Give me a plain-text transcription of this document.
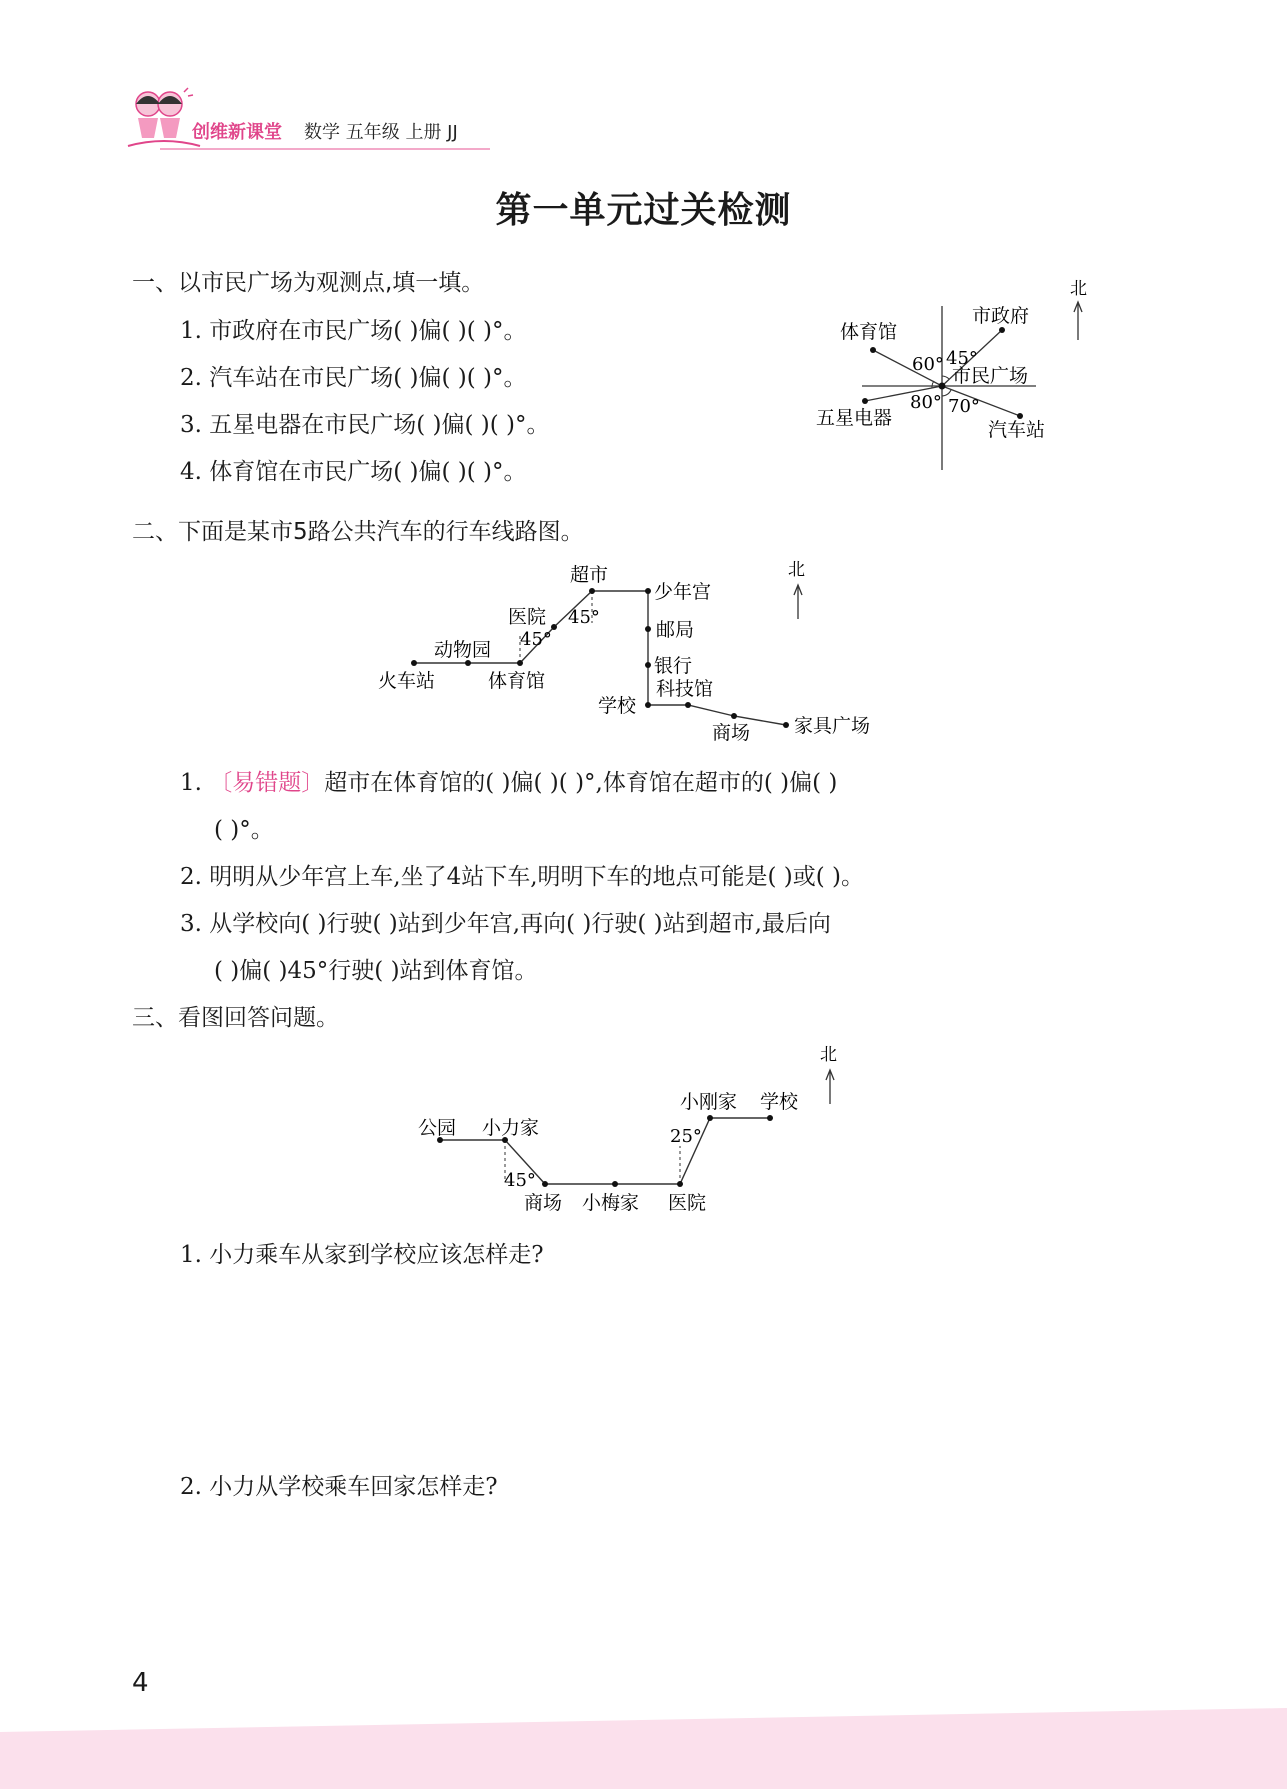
创维新课堂 数学 五年级 上册 JJ
第一单元过关检测
一、以市民广场为观测点,填一填。
1. 市政府在市民广场( )偏( )( )°。
2. 汽车站在市民广场( )偏( )( )°。
3. 五星电器在市民广场( )偏( )( )°。
4. 体育馆在市民广场( )偏( )( )°。
北
市政府
体育馆
五星电器
汽车站
市民广场
60° 45°
80° 70°
二、下面是某市5路公共汽车的行车线路图。
北
火车站
动物园
体育馆
医院
超市
少年宫
邮局
银行
科技馆
学校
商场 家具广场
45°
45°
1. 〔易错题〕超市在体育馆的( )偏( )( )°,体育馆在超市的( )偏( )
( )°。
2. 明明从少年宫上车,坐了4站下车,明明下车的地点可能是( )或( )。
3. 从学校向( )行驶( )站到少年宫,再向( )行驶( )站到超市,最后向
( )偏( )45°行驶( )站到体育馆。
三、看图回答问题。
北
公园 小力家
商场 小梅家 医院
小刚家 学校
45°
25°
1. 小力乘车从家到学校应该怎样走?
2. 小力从学校乘车回家怎样走?
4
